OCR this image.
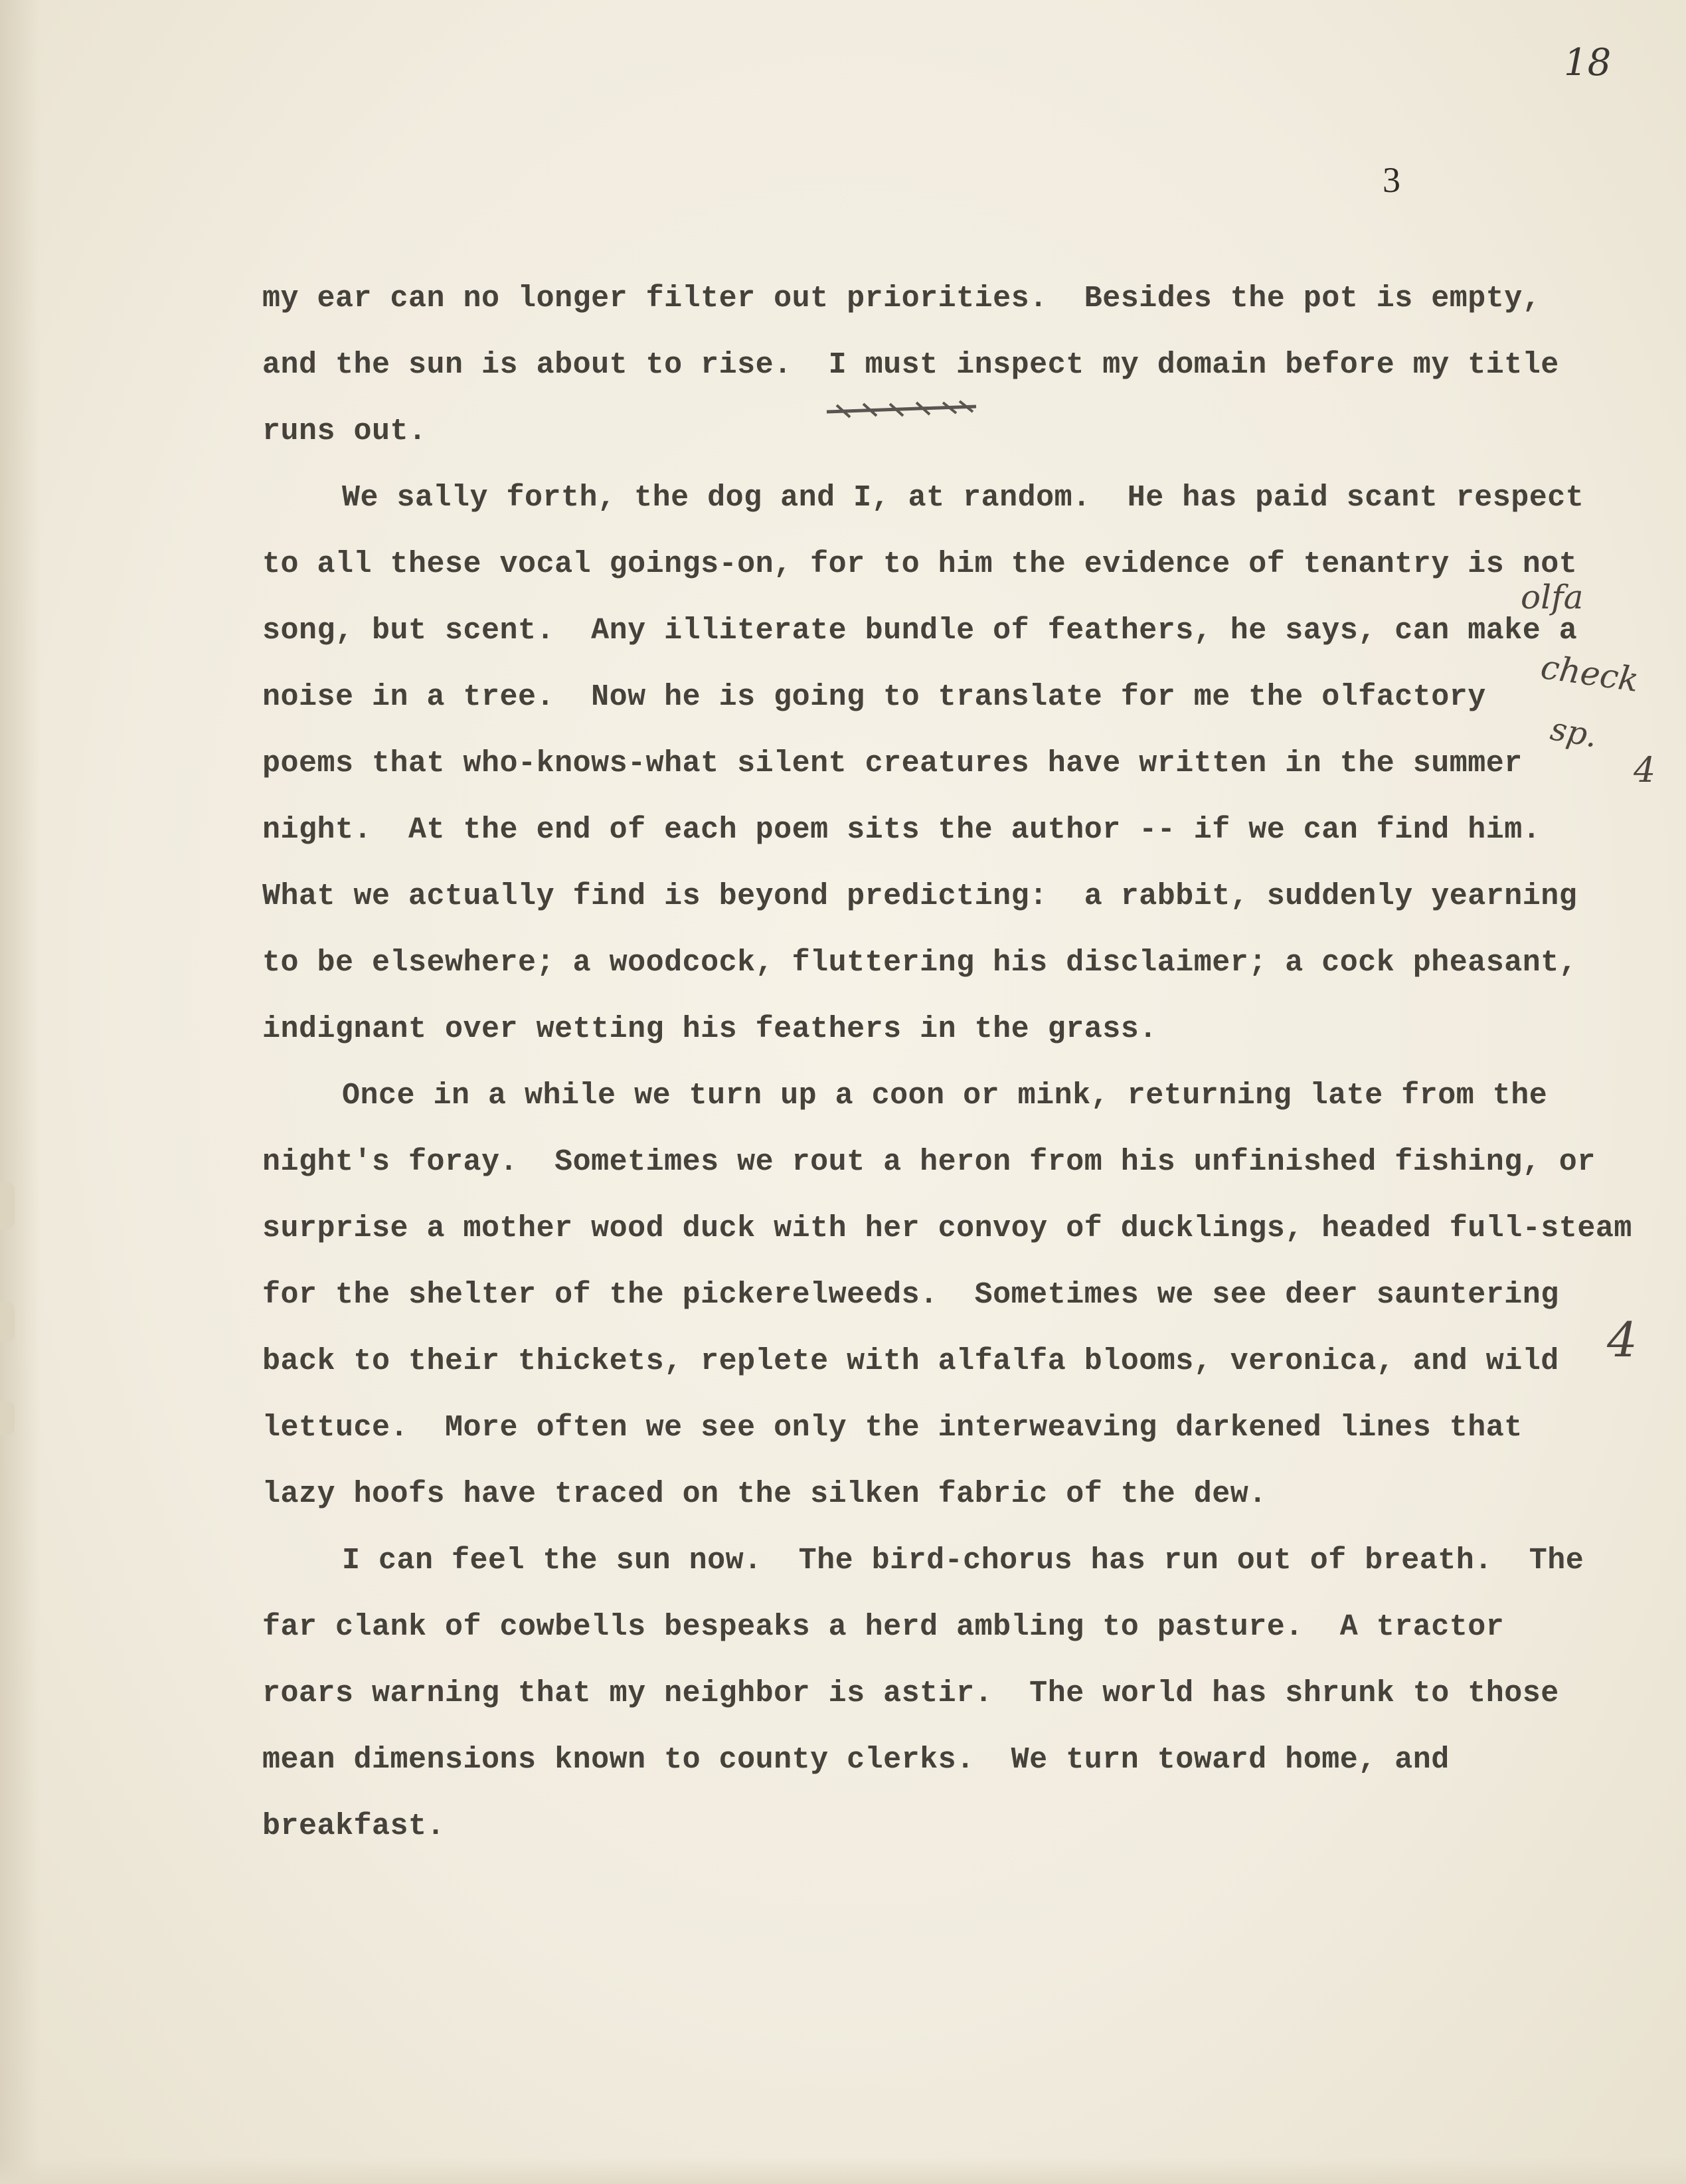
18
3
my ear can no longer filter out priorities.  Besides the pot is empty,
and the sun is about to rise.  I must inspect my domain before my title
runs out.
We sally forth, the dog and I, at random.  He has paid scant respect
to all these vocal goings-on, for to him the evidence of tenantry is not
song, but scent.  Any illiterate bundle of feathers, he says, can make a
noise in a tree.  Now he is going to translate for me the olfactory
poems that who-knows-what silent creatures have written in the summer
night.  At the end of each poem sits the author -- if we can find him.
What we actually find is beyond predicting:  a rabbit, suddenly yearning
to be elsewhere; a woodcock, fluttering his disclaimer; a cock pheasant,
indignant over wetting his feathers in the grass.
Once in a while we turn up a coon or mink, returning late from the
night's foray.  Sometimes we rout a heron from his unfinished fishing, or
surprise a mother wood duck with her convoy of ducklings, headed full-steam
for the shelter of the pickerelweeds.  Sometimes we see deer sauntering
back to their thickets, replete with alfalfa blooms, veronica, and wild
lettuce.  More often we see only the interweaving darkened lines that
lazy hoofs have traced on the silken fabric of the dew.
I can feel the sun now.  The bird-chorus has run out of breath.  The
far clank of cowbells bespeaks a herd ambling to pasture.  A tractor
roars warning that my neighbor is astir.  The world has shrunk to those
mean dimensions known to county clerks.  We turn toward home, and
breakfast.
olfa
check
sp.
4
4
